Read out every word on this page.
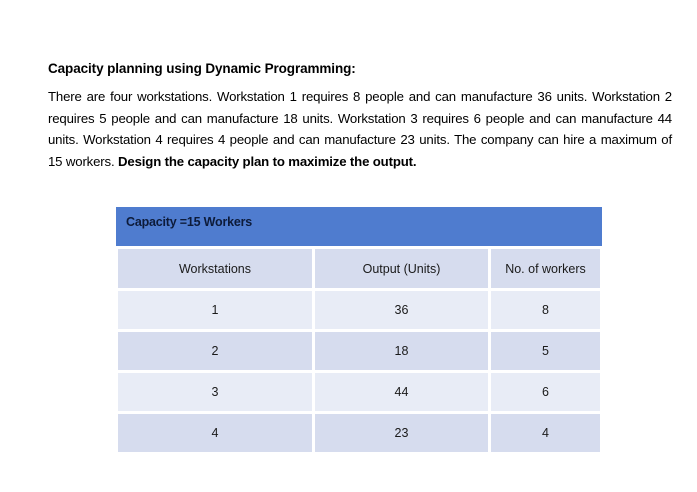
Capacity planning using Dynamic Programming:
There are four workstations. Workstation 1 requires 8 people and can manufacture 36 units. Workstation 2 requires 5 people and can manufacture 18 units. Workstation 3 requires 6 people and can manufacture 44 units. Workstation 4 requires 4 people and can manufacture 23 units. The company can hire a maximum of 15 workers. Design the capacity plan to maximize the output.
Capacity =15 Workers
Workstations	Output (Units)	No. of workers
1	36	8
2	18	5
3	44	6
4	23	4
